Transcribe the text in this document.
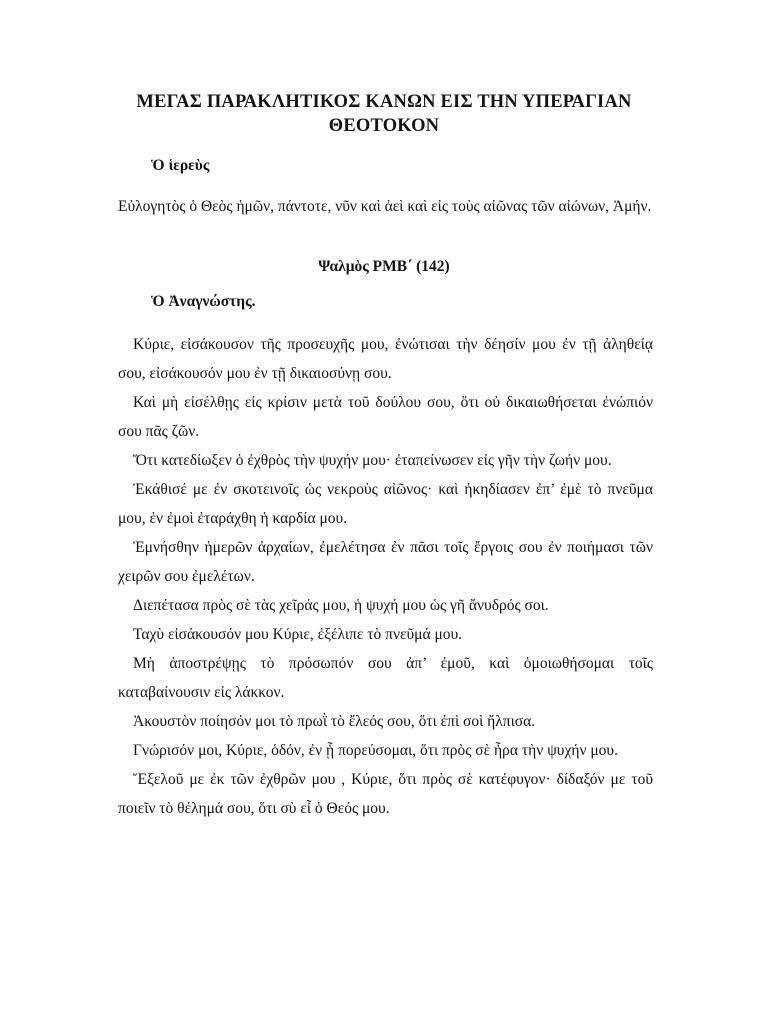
ΜΕΓΑΣ ΠΑΡΑΚΛΗΤΙΚΟΣ ΚΑΝΩΝ ΕΙΣ ΤΗΝ ΥΠΕΡΑΓΙΑΝ
ΘΕΟΤΟΚΟΝ
Ὁ ἱερεὺς
Εὐλογητὸς ὁ Θεὸς ἡμῶν, πάντοτε, νῦν καὶ ἀεὶ καὶ εἰς τοὺς αἰῶνας τῶν αἰώνων, Ἀμήν.
Ψαλμὸς ΡΜΒ΄ (142)
Ὁ Ἀναγνώστης.

Κύριε, εἰσάκουσον τῆς προσευχῆς μου, ἐνώτισαι τὴν δέησίν μου ἐν τῇ ἀληθείᾳ σου, εἰσάκουσόν μου ἐν τῇ δικαιοσύνῃ σου.

Καὶ μὴ εἰσέλθῃς εἰς κρίσιν μετὰ τοῦ δούλου σου, ὅτι οὐ δικαιωθήσεται ἐνώπιόν σου πᾶς ζῶν.

Ὅτι κατεδίωξεν ὁ ἐχθρὸς τὴν ψυχήν μου· ἐταπείνωσεν εἰς γῆν τὴν ζωήν μου.

Ἐκάθισέ με ἐν σκοτεινοῖς ὡς νεκροὺς αἰῶνος· καὶ ἠκηδίασεν ἐπ’ ἐμὲ τὸ πνεῦμα μου, ἐν ἐμοὶ ἐταράχθη ἡ καρδία μου.

Ἐμνήσθην ἡμερῶν ἀρχαίων, ἐμελέτησα ἐν πᾶσι τοῖς ἔργοις σου ἐν ποιήμασι τῶν χειρῶν σου ἐμελέτων.

Διεπέτασα πρὸς σὲ τὰς χεῖράς μου, ἡ ψυχή μου ὡς γῆ ἄνυδρός σοι.

Ταχὺ εἰσάκουσόν μου Κύριε, ἐξέλιπε τὸ πνεῦμά μου.

Μὴ ἀποστρέψῃς τὸ πρόσωπόν σου ἀπ’ ἐμοῦ, καὶ ὁμοιωθήσομαι τοῖς καταβαίνουσιν εἰς λάκκον.

Ἀκουστὸν ποίησόν μοι τὸ πρωῒ τὸ ἔλεός σου, ὅτι ἐπὶ σοὶ ἤλπισα.

Γνώρισόν μοι, Κύριε, ὁδόν, ἐν ᾗ πορεύσομαι, ὅτι πρὸς σὲ ἦρα τὴν ψυχήν μου.

Ἔξελοῦ με ἐκ τῶν ἐχθρῶν μου , Κύριε, ὅτι πρὸς σὲ κατέφυγον· δίδαξόν με τοῦ ποιεῖν τὸ θέλημά σου, ὅτι σὺ εἶ ὁ Θεός μου.
